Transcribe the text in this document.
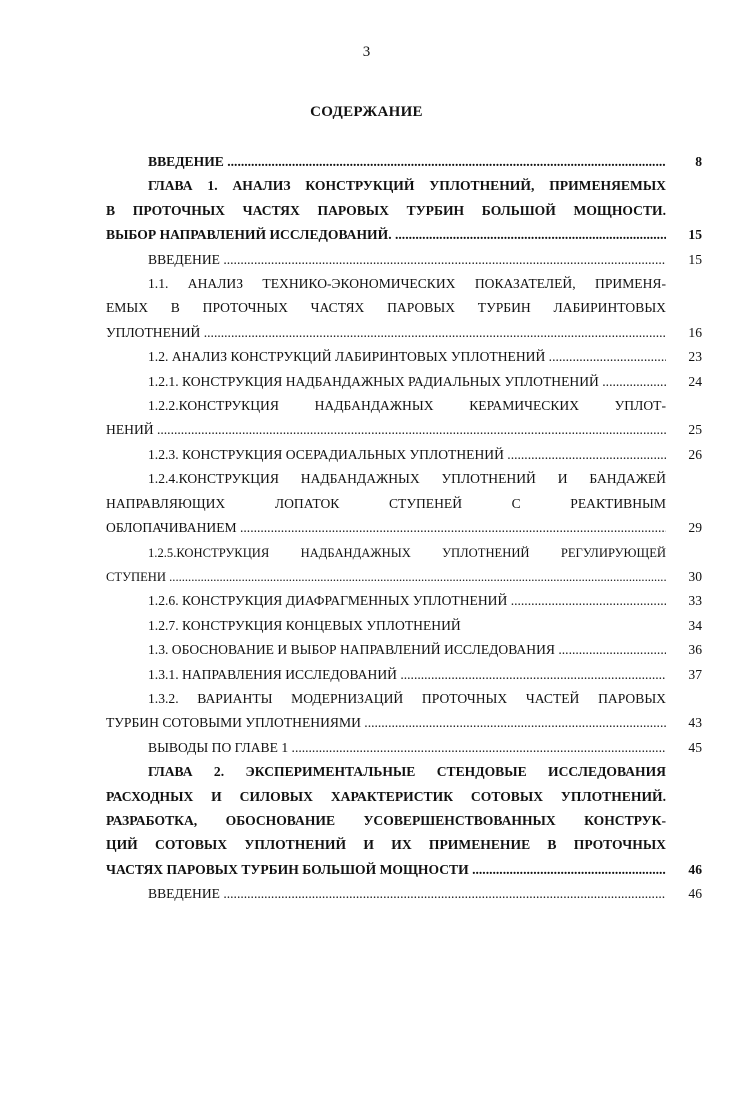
3
СОДЕРЖАНИЕ
ВВЕДЕНИЕ .....	8
ГЛАВА 1. АНАЛИЗ КОНСТРУКЦИЙ УПЛОТНЕНИЙ, ПРИМЕНЯЕМЫХ
В ПРОТОЧНЫХ ЧАСТЯХ ПАРОВЫХ ТУРБИН БОЛЬШОЙ МОЩНОСТИ.
ВЫБОР НАПРАВЛЕНИЙ ИССЛЕДОВАНИЙ. .....	15
ВВЕДЕНИЕ .....	15
1.1. АНАЛИЗ ТЕХНИКО-ЭКОНОМИЧЕСКИХ ПОКАЗАТЕЛЕЙ, ПРИМЕНЯ-
ЕМЫХ В ПРОТОЧНЫХ ЧАСТЯХ ПАРОВЫХ ТУРБИН ЛАБИРИНТОВЫХ
УПЛОТНЕНИЙ .....	16
1.2. АНАЛИЗ КОНСТРУКЦИЙ ЛАБИРИНТОВЫХ УПЛОТНЕНИЙ .....	23
1.2.1. КОНСТРУКЦИЯ НАДБАНДАЖНЫХ РАДИАЛЬНЫХ УПЛОТНЕНИЙ .....	24
1.2.2.КОНСТРУКЦИЯ НАДБАНДАЖНЫХ КЕРАМИЧЕСКИХ УПЛОТ-
НЕНИЙ .....	25
1.2.3. КОНСТРУКЦИЯ ОСЕРАДИАЛЬНЫХ УПЛОТНЕНИЙ .....	26
1.2.4.КОНСТРУКЦИЯ НАДБАНДАЖНЫХ УПЛОТНЕНИЙ И БАНДАЖЕЙ
НАПРАВЛЯЮЩИХ ЛОПАТОК СТУПЕНЕЙ С РЕАКТИВНЫМ
ОБЛОПАЧИВАНИЕМ .....	29
1.2.5.КОНСТРУКЦИЯ НАДБАНДАЖНЫХ УПЛОТНЕНИЙ РЕГУЛИРУЮЩЕЙ
СТУПЕНИ .....	30
1.2.6. КОНСТРУКЦИЯ ДИАФРАГМЕННЫХ УПЛОТНЕНИЙ .....	33
1.2.7. КОНСТРУКЦИЯ КОНЦЕВЫХ УПЛОТНЕНИЙ	34
1.3. ОБОСНОВАНИЕ И ВЫБОР НАПРАВЛЕНИЙ ИССЛЕДОВАНИЯ .....	36
1.3.1. НАПРАВЛЕНИЯ ИССЛЕДОВАНИЙ .....	37
1.3.2. ВАРИАНТЫ МОДЕРНИЗАЦИЙ ПРОТОЧНЫХ ЧАСТЕЙ ПАРОВЫХ
ТУРБИН СОТОВЫМИ УПЛОТНЕНИЯМИ .....	43
ВЫВОДЫ ПО ГЛАВЕ 1 .....	45
ГЛАВА 2. ЭКСПЕРИМЕНТАЛЬНЫЕ СТЕНДОВЫЕ ИССЛЕДОВАНИЯ
РАСХОДНЫХ И СИЛОВЫХ ХАРАКТЕРИСТИК СОТОВЫХ УПЛОТНЕНИЙ.
РАЗРАБОТКА, ОБОСНОВАНИЕ УСОВЕРШЕНСТВОВАННЫХ КОНСТРУК-
ЦИЙ СОТОВЫХ УПЛОТНЕНИЙ И ИХ ПРИМЕНЕНИЕ В ПРОТОЧНЫХ
ЧАСТЯХ ПАРОВЫХ ТУРБИН БОЛЬШОЙ МОЩНОСТИ .....	46
ВВЕДЕНИЕ .....	46
